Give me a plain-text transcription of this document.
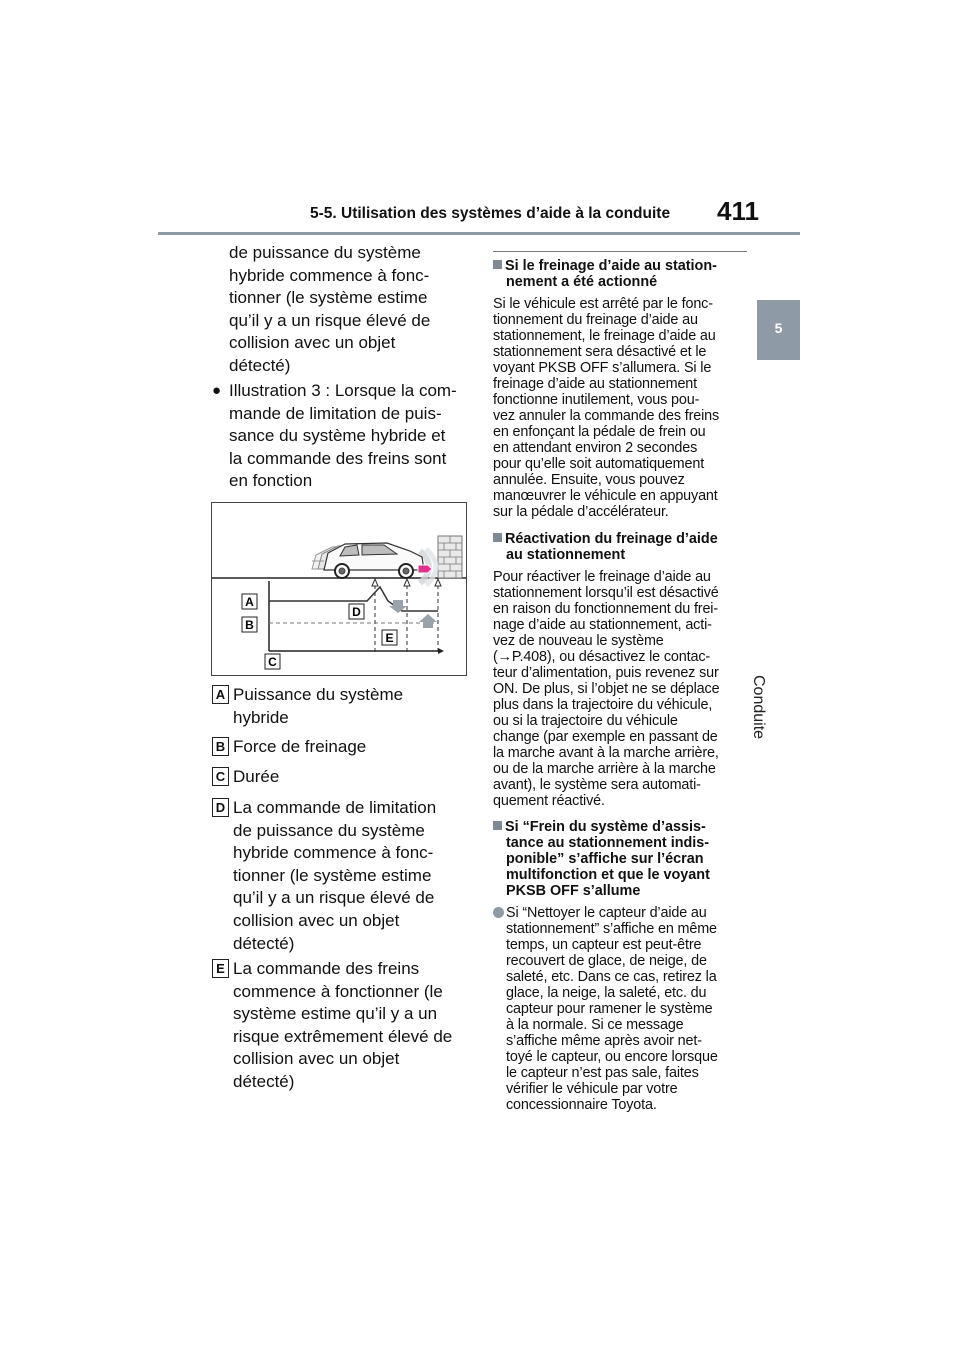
5-5. Utilisation des systèmes d’aide à la conduite 411
5
Conduite
de puissance du système
hybride commence à fonc-
tionner (le système estime
qu’il y a un risque élevé de
collision avec un objet
détecté)
● Illustration 3 : Lorsque la com-
mande de limitation de puis-
sance du système hybride et
la commande des freins sont
en fonction
A
B
C
D
E
A Puissance du système
hybride
B Force de freinage
C Durée
D La commande de limitation
de puissance du système
hybride commence à fonc-
tionner (le système estime
qu’il y a un risque élevé de
collision avec un objet
détecté)
E La commande des freins
commence à fonctionner (le
système estime qu’il y a un
risque extrêmement élevé de
collision avec un objet
détecté)
Si le freinage d’aide au station-
nement a été actionné
Si le véhicule est arrêté par le fonc-
tionnement du freinage d’aide au
stationnement, le freinage d’aide au
stationnement sera désactivé et le
voyant PKSB OFF s’allumera. Si le
freinage d’aide au stationnement
fonctionne inutilement, vous pou-
vez annuler la commande des freins
en enfonçant la pédale de frein ou
en attendant environ 2 secondes
pour qu’elle soit automatiquement
annulée. Ensuite, vous pouvez
manœuvrer le véhicule en appuyant
sur la pédale d’accélérateur.
Réactivation du freinage d’aide
au stationnement
Pour réactiver le freinage d’aide au
stationnement lorsqu’il est désactivé
en raison du fonctionnement du frei-
nage d’aide au stationnement, acti-
vez de nouveau le système
(→P.408), ou désactivez le contac-
teur d’alimentation, puis revenez sur
ON. De plus, si l’objet ne se déplace
plus dans la trajectoire du véhicule,
ou si la trajectoire du véhicule
change (par exemple en passant de
la marche avant à la marche arrière,
ou de la marche arrière à la marche
avant), le système sera automati-
quement réactivé.
Si “Frein du système d’assis-
tance au stationnement indis-
ponible” s’affiche sur l’écran
multifonction et que le voyant
PKSB OFF s’allume
Si “Nettoyer le capteur d’aide au
stationnement” s’affiche en même
temps, un capteur est peut-être
recouvert de glace, de neige, de
saleté, etc. Dans ce cas, retirez la
glace, la neige, la saleté, etc. du
capteur pour ramener le système
à la normale. Si ce message
s’affiche même après avoir net-
toyé le capteur, ou encore lorsque
le capteur n’est pas sale, faites
vérifier le véhicule par votre
concessionnaire Toyota.
